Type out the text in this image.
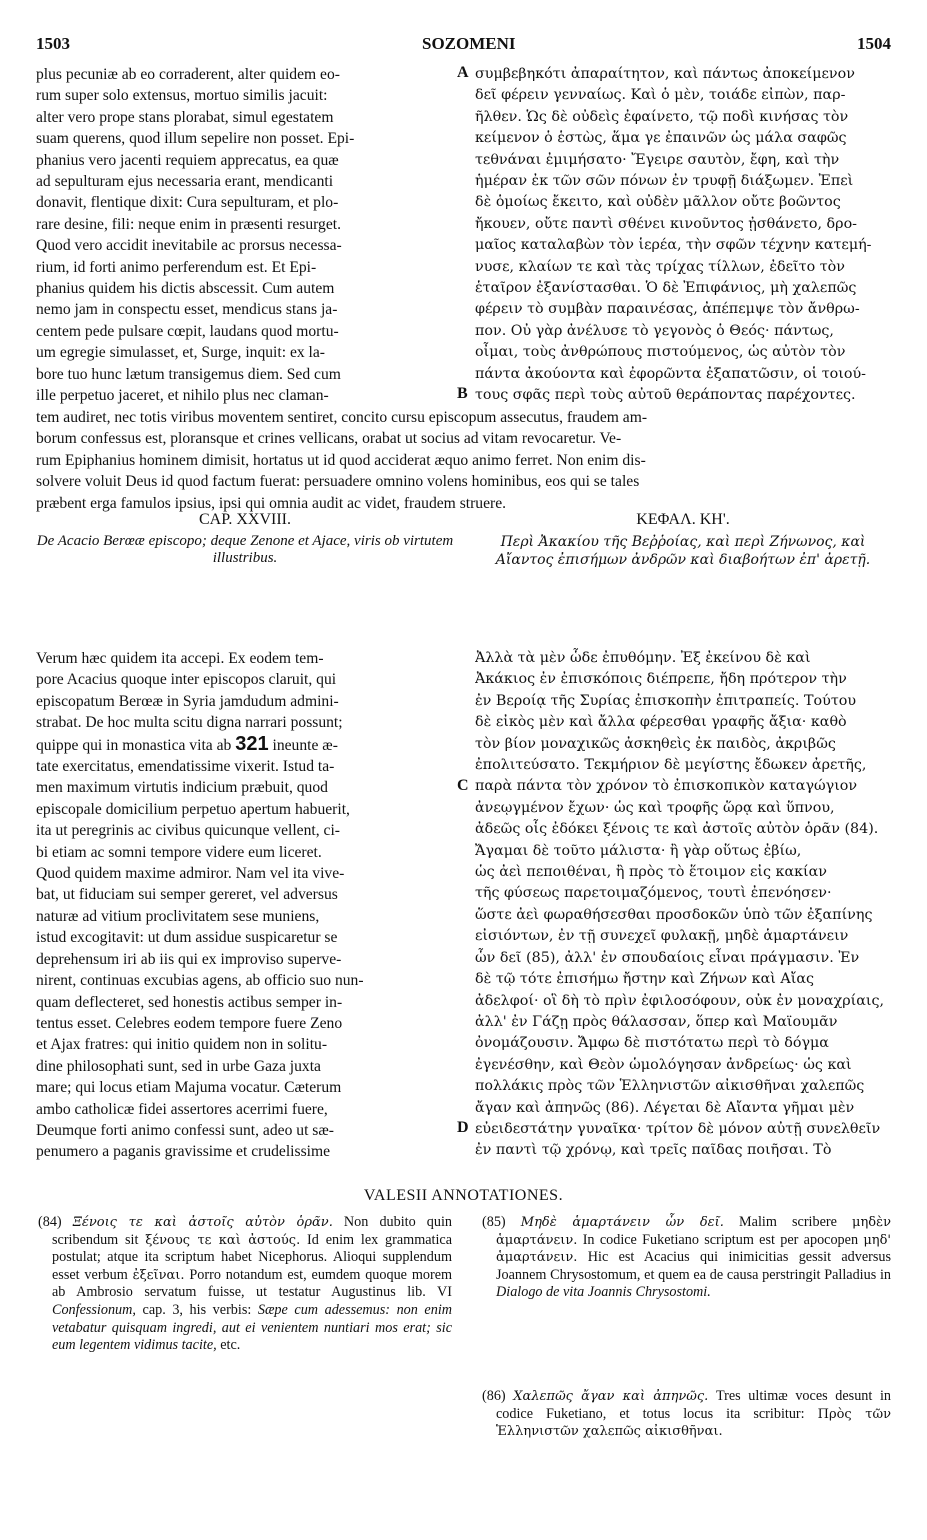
1503	SOZOMENI	1504
plus pecuniæ ab eo corraderent, alter quidem eo-
rum super solo extensus, mortuo similis jacuit:
alter vero prope stans plorabat, simul egestatem
suam querens, quod illum sepelire non posset. Epi-
phanius vero jacenti requiem apprecatus, ea quæ
ad sepulturam ejus necessaria erant, mendicanti
donavit, flentique dixit: Cura sepulturam, et plo-
rare desine, fili: neque enim in præsenti resurget.
Quod vero accidit inevitabile ac prorsus necessa-
rium, id forti animo perferendum est. Et Epi-
phanius quidem his dictis abscessit. Cum autem
nemo jam in conspectu esset, mendicus stans ja-
centem pede pulsare cœpit, laudans quod mortu-
um egregie simulasset, et, Surge, inquit: ex la-
bore tuo hunc lætum transigemus diem. Sed cum
ille perpetuo jaceret, et nihilo plus nec claman-
συμβεβηκότι ἀπαραίτητον, καὶ πάντως ἀποκείμενον
δεῖ φέρειν γενναίως. Καὶ ὁ μὲν, τοιάδε εἰπὼν, παρ-
ῆλθεν. Ὡς δὲ οὐδεὶς ἐφαίνετο, τῷ ποδὶ κινήσας τὸν
κείμενον ὁ ἑστὼς, ἅμα γε ἐπαινῶν ὡς μάλα σαφῶς
τεθνάναι ἐμιμήσατο· Ἔγειρε σαυτὸν, ἔφη, καὶ τὴν
ἡμέραν ἐκ τῶν σῶν πόνων ἐν τρυφῇ διάξωμεν. Ἐπεὶ
δὲ ὁμοίως ἔκειτο, καὶ οὐδὲν μᾶλλον οὔτε βοῶντος
ἤκουεν, οὔτε παντὶ σθένει κινοῦντος ᾐσθάνετο, δρο-
μαῖος καταλαβὼν τὸν ἱερέα, τὴν σφῶν τέχνην κατεμή-
νυσε, κλαίων τε καὶ τὰς τρίχας τίλλων, ἐδεῖτο τὸν
ἑταῖρον ἐξανίστασθαι. Ὁ δὲ Ἐπιφάνιος, μὴ χαλεπῶς
φέρειν τὸ συμβὰν παραινέσας, ἀπέπεμψε τὸν ἄνθρω-
πον. Οὐ γὰρ ἀνέλυσε τὸ γεγονὸς ὁ Θεός· πάντως,
οἶμαι, τοὺς ἀνθρώπους πιστούμενος, ὡς αὐτὸν τὸν
πάντα ἀκούοντα καὶ ἐφορῶντα ἐξαπατῶσιν, οἱ τοιού-
τους σφᾶς περὶ τοὺς αὐτοῦ θεράποντας παρέχοντες.
A
B
tem audiret, nec totis viribus moventem sentiret, concito cursu episcopum assecutus, fraudem am-
borum confessus est, ploransque et crines vellicans, orabat ut socius ad vitam revocaretur. Ve-
rum Epiphanius hominem dimisit, hortatus ut id quod acciderat æquo animo ferret. Non enim dis-
solvere voluit Deus id quod factum fuerat: persuadere omnino volens hominibus, eos qui se tales
præbent erga famulos ipsius, ipsi qui omnia audit ac videt, fraudem struere.
CAP. XXVIII.
De Acacio Berœæ episcopo; deque Zenone et Ajace, viris ob virtutem illustribus.
ΚΕΦΑΛ. ΚΗ'.
Περὶ Ἀκακίου τῆς Βεῤῥοίας, καὶ περὶ Ζήνωνος, καὶ Αἴαντος ἐπισήμων ἀνδρῶν καὶ διαβοήτων ἐπ' ἀρετῇ.
Verum hæc quidem ita accepi. Ex eodem tem-
pore Acacius quoque inter episcopos claruit, qui
episcopatum Berœæ in Syria jamdudum admini-
strabat. De hoc multa scitu digna narrari possunt;
quippe qui in monastica vita ab 321 ineunte æ-
tate exercitatus, emendatissime vixerit. Istud ta-
men maximum virtutis indicium præbuit, quod
episcopale domicilium perpetuo apertum habuerit,
ita ut peregrinis ac civibus quicunque vellent, ci-
bi etiam ac somni tempore videre eum liceret.
Quod quidem maxime admiror. Nam vel ita vive-
bat, ut fiduciam sui semper gereret, vel adversus
naturæ ad vitium proclivitatem sese muniens,
istud excogitavit: ut dum assidue suspicaretur se
deprehensum iri ab iis qui ex improviso superve-
nirent, continuas excubias agens, ab officio suo nun-
quam deflecteret, sed honestis actibus semper in-
tentus esset. Celebres eodem tempore fuere Zeno
et Ajax fratres: qui initio quidem non in solitu-
dine philosophati sunt, sed in urbe Gaza juxta
mare; qui locus etiam Majuma vocatur. Cæterum
ambo catholicæ fidei assertores acerrimi fuere,
Deumque forti animo confessi sunt, adeo ut sæ-
penumero a paganis gravissime et crudelissime
Ἀλλὰ τὰ μὲν ὧδε ἐπυθόμην. Ἐξ ἐκείνου δὲ καὶ
Ἀκάκιος ἐν ἐπισκόποις διέπρεπε, ἤδη πρότερον τὴν
ἐν Βεροίᾳ τῆς Συρίας ἐπισκοπὴν ἐπιτραπείς. Τούτου
δὲ εἰκὸς μὲν καὶ ἄλλα φέρεσθαι γραφῆς ἄξια· καθὸ
τὸν βίον μοναχικῶς ἀσκηθεὶς ἐκ παιδὸς, ἀκριβῶς
ἐπολιτεύσατο. Τεκμήριον δὲ μεγίστης ἔδωκεν ἀρετῆς,
παρὰ πάντα τὸν χρόνον τὸ ἐπισκοπικὸν καταγώγιον
ἀνεῳγμένον ἔχων· ὡς καὶ τροφῆς ὥρᾳ καὶ ὕπνου,
ἀδεῶς οἷς ἐδόκει ξένοις τε καὶ ἀστοῖς αὐτὸν ὁρᾶν (84).
Ἄγαμαι δὲ τοῦτο μάλιστα· ἢ γὰρ οὕτως ἐβίω,
ὡς ἀεὶ πεποιθέναι, ἢ πρὸς τὸ ἕτοιμον εἰς κακίαν
τῆς φύσεως παρετοιμαζόμενος, τουτὶ ἐπενόησεν·
ὥστε ἀεὶ φωραθήσεσθαι προσδοκῶν ὑπὸ τῶν ἐξαπίνης
εἰσιόντων, ἐν τῇ συνεχεῖ φυλακῇ, μηδὲ ἁμαρτάνειν
ὧν δεῖ (85), ἀλλ' ἐν σπουδαίοις εἶναι πράγμασιν. Ἐν
δὲ τῷ τότε ἐπισήμω ἤστην καὶ Ζήνων καὶ Αἴας
ἀδελφοί· οἳ δὴ τὸ πρὶν ἐφιλοσόφουν, οὐκ ἐν μοναχρίαις,
ἀλλ' ἐν Γάζῃ πρὸς θάλασσαν, ὅπερ καὶ Μαϊουμᾶν
ὀνομάζουσιν. Ἄμφω δὲ πιστότατω περὶ τὸ δόγμα
ἐγενέσθην, καὶ Θεὸν ὡμολόγησαν ἀνδρείως· ὡς καὶ
πολλάκις πρὸς τῶν Ἑλληνιστῶν αἰκισθῆναι χαλεπῶς
ἄγαν καὶ ἀπηνῶς (86). Λέγεται δὲ Αἴαντα γῆμαι μὲν
εὐειδεστάτην γυναῖκα· τρίτον δὲ μόνον αὐτῇ συνελθεῖν
ἐν παντὶ τῷ χρόνῳ, καὶ τρεῖς παῖδας ποιῆσαι. Τὸ
C
D
VALESII ANNOTATIONES.
(84) Ξένοις τε καὶ ἀστοῖς αὐτὸν ὁρᾶν. Non dubito quin scribendum sit ξένους τε καὶ ἀστούς. Id enim lex grammatica postulat; atque ita scriptum habet Nicephorus. Alioqui supplendum esset verbum ἐξεῖναι. Porro notandum est, eumdem quoque morem ab Ambrosio servatum fuisse, ut testatur Augustinus lib. VI Confessionum, cap. 3, his verbis: Sæpe cum adessemus: non enim vetabatur quisquam ingredi, aut ei venientem nuntiari mos erat; sic eum legentem vidimus tacite, etc.
(85) Μηδὲ ἁμαρτάνειν ὧν δεῖ. Malim scribere μηδὲν ἁμαρτάνειν. In codice Fuketiano scriptum est per apocopen μηδ' ἁμαρτάνειν. Hic est Acacius qui inimicitias gessit adversus Joannem Chrysostomum, et quem ea de causa perstringit Palladius in Dialogo de vita Joannis Chrysostomi.
(86) Χαλεπῶς ἄγαν καὶ ἀπηνῶς. Tres ultimæ voces desunt in codice Fuketiano, et totus locus ita scribitur: Πρὸς τῶν Ἑλληνιστῶν χαλεπῶς αἰκισθῆναι.
